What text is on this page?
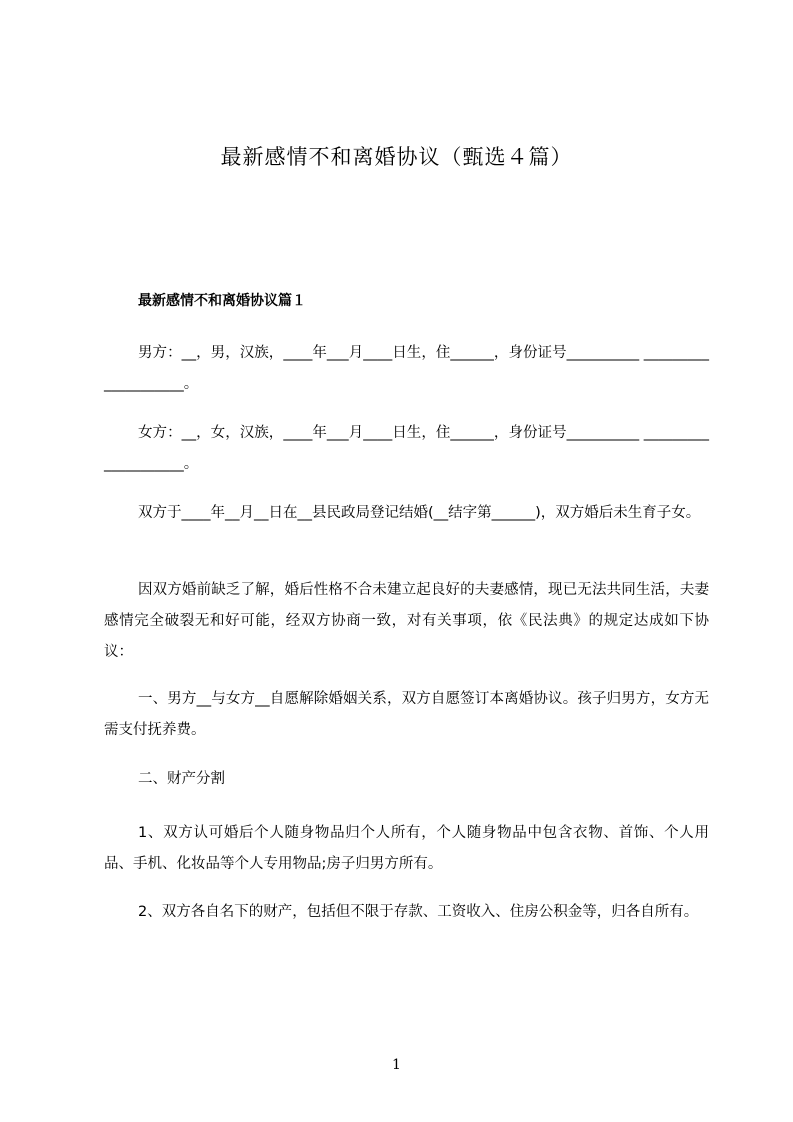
最新感情不和离婚协议（甄选４篇）
最新感情不和离婚协议篇１
男方：__，男，汉族，____年___月____日生，住______，身份证号__________ ____________________。
女方：__，女，汉族，____年___月____日生，住______，身份证号__________ ____________________。
双方于____年__月__日在__县民政局登记结婚(__结字第______)，双方婚后未生育子女。
因双方婚前缺乏了解，婚后性格不合未建立起良好的夫妻感情，现已无法共同生活，夫妻感情完全破裂无和好可能，经双方协商一致，对有关事项，依《民法典》的规定达成如下协议：
一、男方__与女方__自愿解除婚姻关系，双方自愿签订本离婚协议。孩子归男方，女方无需支付抚养费。
二、财产分割
1、双方认可婚后个人随身物品归个人所有，个人随身物品中包含衣物、首饰、个人用品、手机、化妆品等个人专用物品;房子归男方所有。
2、双方各自名下的财产，包括但不限于存款、工资收入、住房公积金等，归各自所有。
1
